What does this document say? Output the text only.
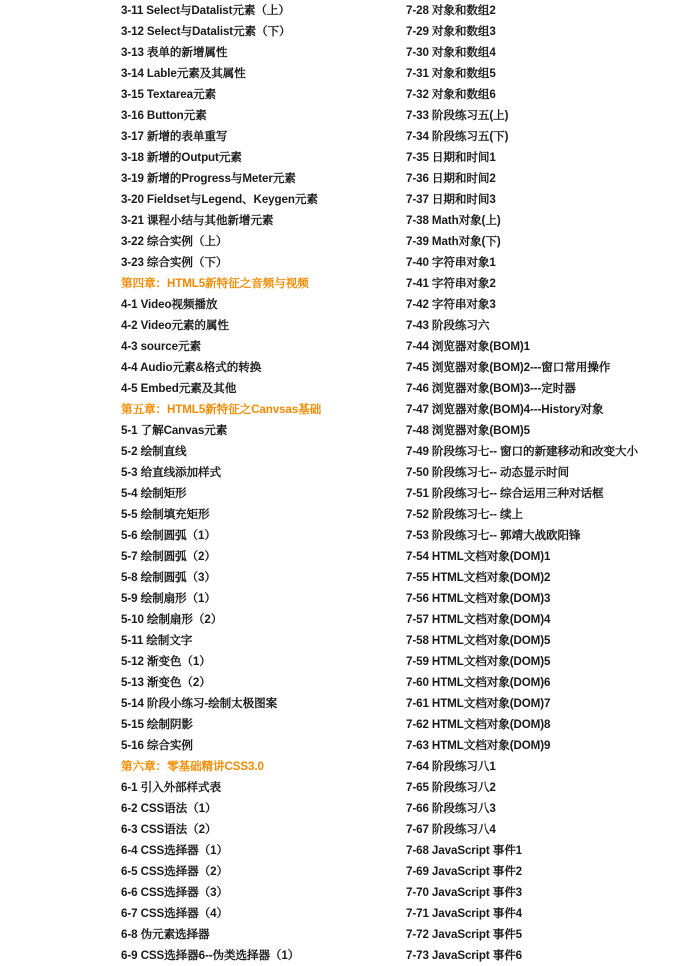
3-11 Select与Datalist元素（上）
3-12 Select与Datalist元素（下）
3-13 表单的新增属性
3-14 Lable元素及其属性
3-15 Textarea元素
3-16 Button元素
3-17 新增的表单重写
3-18 新增的Output元素
3-19 新增的Progress与Meter元素
3-20 Fieldset与Legend、Keygen元素
3-21 课程小结与其他新增元素
3-22 综合实例（上）
3-23 综合实例（下）
第四章：HTML5新特征之音频与视频
4-1 Video视频播放
4-2 Video元素的属性
4-3 source元素
4-4 Audio元素&格式的转换
4-5 Embed元素及其他
第五章：HTML5新特征之Canvsas基础
5-1 了解Canvas元素
5-2 绘制直线
5-3 给直线添加样式
5-4 绘制矩形
5-5 绘制填充矩形
5-6 绘制圆弧（1）
5-7 绘制圆弧（2）
5-8 绘制圆弧（3）
5-9 绘制扇形（1）
5-10 绘制扇形（2）
5-11 绘制文字
5-12 渐变色（1）
5-13 渐变色（2）
5-14 阶段小练习-绘制太极图案
5-15 绘制阴影
5-16 综合实例
第六章：零基础精讲CSS3.0
6-1 引入外部样式表
6-2 CSS语法（1）
6-3 CSS语法（2）
6-4 CSS选择器（1）
6-5 CSS选择器（2）
6-6 CSS选择器（3）
6-7 CSS选择器（4）
6-8 伪元素选择器
6-9 CSS选择器6--伪类选择器（1）
7-28 对象和数组2
7-29 对象和数组3
7-30 对象和数组4
7-31 对象和数组5
7-32 对象和数组6
7-33 阶段练习五(上)
7-34 阶段练习五(下)
7-35 日期和时间1
7-36 日期和时间2
7-37 日期和时间3
7-38 Math对象(上)
7-39 Math对象(下)
7-40 字符串对象1
7-41 字符串对象2
7-42 字符串对象3
7-43 阶段练习六
7-44 浏览器对象(BOM)1
7-45 浏览器对象(BOM)2---窗口常用操作
7-46 浏览器对象(BOM)3---定时器
7-47 浏览器对象(BOM)4---History对象
7-48 浏览器对象(BOM)5
7-49 阶段练习七-- 窗口的新建移动和改变大小
7-50 阶段练习七-- 动态显示时间
7-51 阶段练习七-- 综合运用三种对话框
7-52 阶段练习七-- 续上
7-53 阶段练习七-- 郭靖大战欧阳锋
7-54 HTML文档对象(DOM)1
7-55 HTML文档对象(DOM)2
7-56 HTML文档对象(DOM)3
7-57 HTML文档对象(DOM)4
7-58 HTML文档对象(DOM)5
7-59 HTML文档对象(DOM)5
7-60 HTML文档对象(DOM)6
7-61 HTML文档对象(DOM)7
7-62 HTML文档对象(DOM)8
7-63 HTML文档对象(DOM)9
7-64 阶段练习八1
7-65 阶段练习八2
7-66 阶段练习八3
7-67 阶段练习八4
7-68 JavaScript 事件1
7-69 JavaScript 事件2
7-70 JavaScript 事件3
7-71 JavaScript 事件4
7-72 JavaScript 事件5
7-73 JavaScript 事件6
